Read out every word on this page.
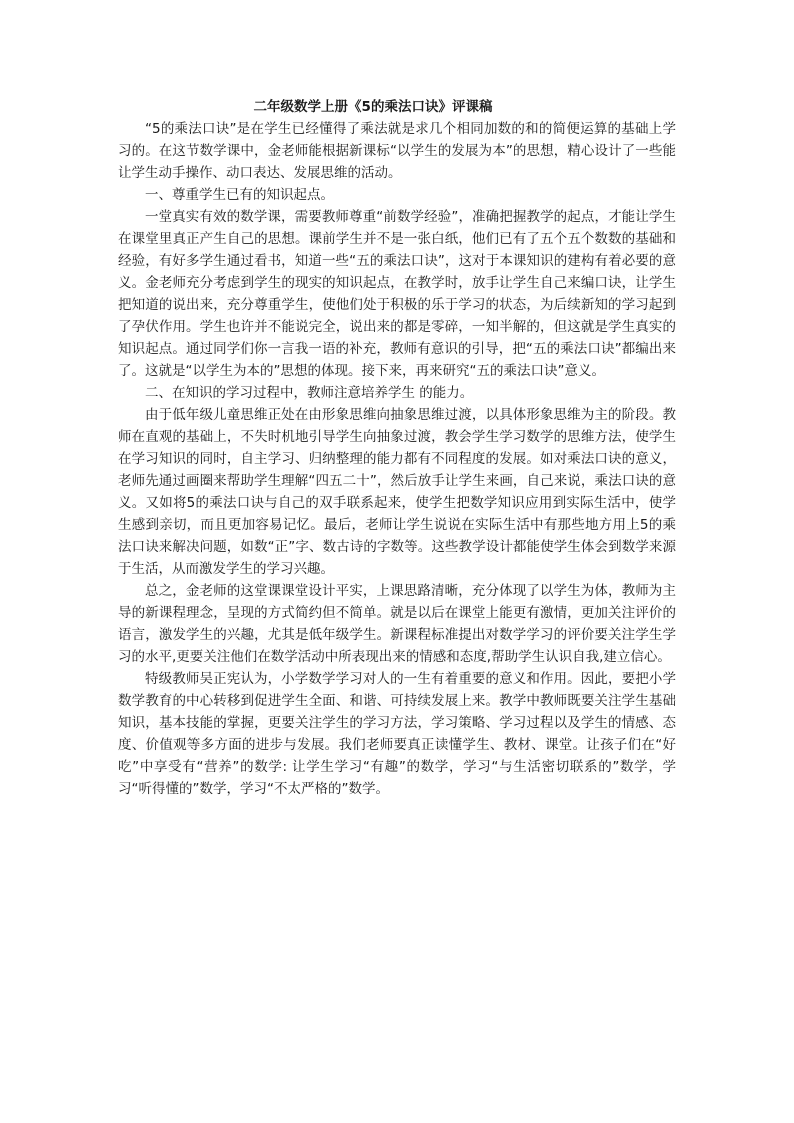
二年级数学上册《5的乘法口诀》评课稿

“5的乘法口诀”是在学生已经懂得了乘法就是求几个相同加数的和的简便运算的基础上学习的。在这节数学课中，金老师能根据新课标“以学生的发展为本”的思想，精心设计了一些能让学生动手操作、动口表达、发展思维的活动。

一、尊重学生已有的知识起点。

一堂真实有效的数学课，需要教师尊重“前数学经验”，准确把握教学的起点，才能让学生在课堂里真正产生自己的思想。课前学生并不是一张白纸，他们已有了五个五个数数的基础和经验，有好多学生通过看书，知道一些“五的乘法口诀”，这对于本课知识的建构有着必要的意义。金老师充分考虑到学生的现实的知识起点，在教学时，放手让学生自己来编口诀，让学生把知道的说出来，充分尊重学生，使他们处于积极的乐于学习的状态，为后续新知的学习起到了孕伏作用。学生也许并不能说完全，说出来的都是零碎，一知半解的，但这就是学生真实的知识起点。通过同学们你一言我一语的补充，教师有意识的引导，把“五的乘法口诀”都编出来了。这就是“以学生为本的”思想的体现。接下来，再来研究“五的乘法口诀”意义。

二、在知识的学习过程中，教师注意培养学生 的能力。

由于低年级儿童思维正处在由形象思维向抽象思维过渡，以具体形象思维为主的阶段。教师在直观的基础上，不失时机地引导学生向抽象过渡，教会学生学习数学的思维方法，使学生在学习知识的同时，自主学习、归纳整理的能力都有不同程度的发展。如对乘法口诀的意义，老师先通过画圈来帮助学生理解“四五二十”，然后放手让学生来画，自己来说，乘法口诀的意义。又如将5的乘法口诀与自己的双手联系起来，使学生把数学知识应用到实际生活中，使学生感到亲切，而且更加容易记忆。最后，老师让学生说说在实际生活中有那些地方用上5的乘法口诀来解决问题，如数“正”字、数古诗的字数等。这些教学设计都能使学生体会到数学来源于生活，从而激发学生的学习兴趣。

总之，金老师的这堂课课堂设计平实，上课思路清晰，充分体现了以学生为体，教师为主导的新课程理念，呈现的方式简约但不简单。就是以后在课堂上能更有激情，更加关注评价的语言，激发学生的兴趣，尤其是低年级学生。新课程标准提出对数学学习的评价要关注学生学习的水平,更要关注他们在数学活动中所表现出来的情感和态度,帮助学生认识自我,建立信心。

特级教师吴正宪认为，小学数学学习对人的一生有着重要的意义和作用。因此，要把小学数学教育的中心转移到促进学生全面、和谐、可持续发展上来。教学中教师既要关注学生基础知识，基本技能的掌握，更要关注学生的学习方法，学习策略、学习过程以及学生的情感、态度、价值观等多方面的进步与发展。我们老师要真正读懂学生、教材、课堂。让孩子们在“好吃”中享受有“营养”的数学: 让学生学习“有趣”的数学，学习“与生活密切联系的”数学，学习“听得懂的”数学，学习“不太严格的”数学。
